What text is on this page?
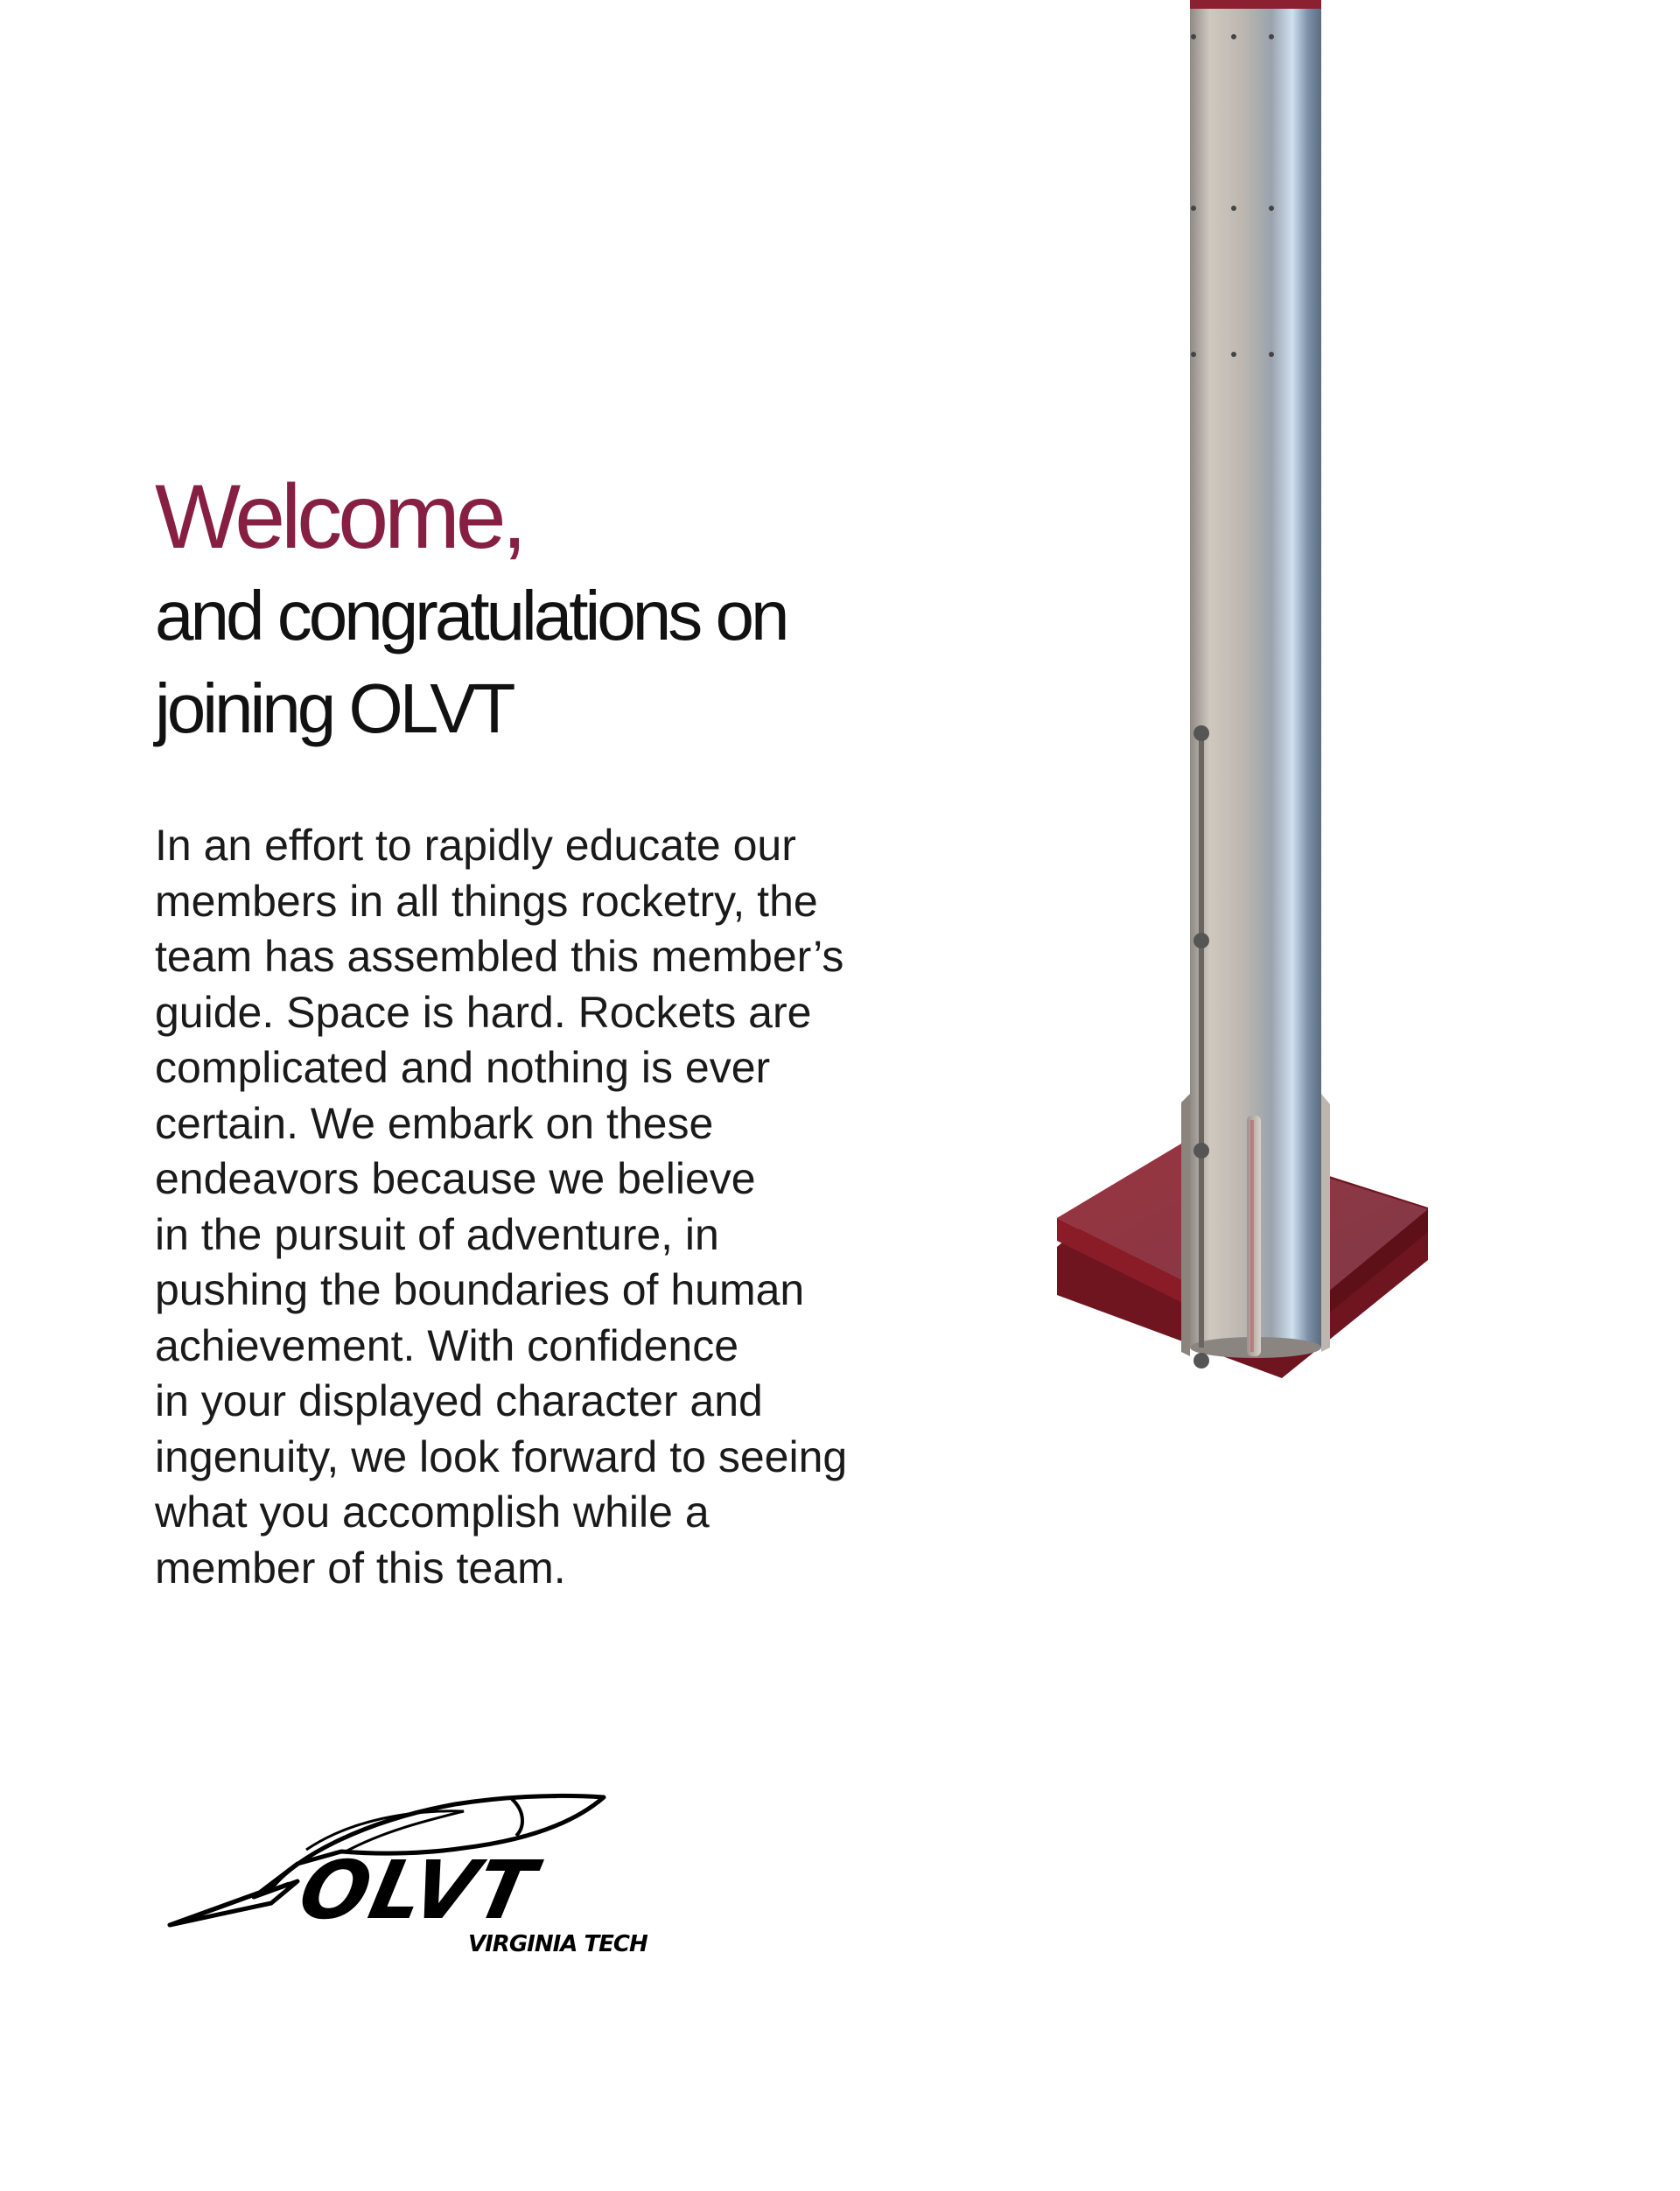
Welcome,
and congratulations on joining OLVT

In an effort to rapidly educate our
members in all things rocketry, the
team has assembled this member’s
guide. Space is hard. Rockets are
complicated and nothing is ever
certain. We embark on these
endeavors because we believe
in the pursuit of adventure, in
pushing the boundaries of human
achievement. With confidence
in your displayed character and
ingenuity, we look forward to seeing
what you accomplish while a
member of this team.

OLVT
VIRGINIA TECH
